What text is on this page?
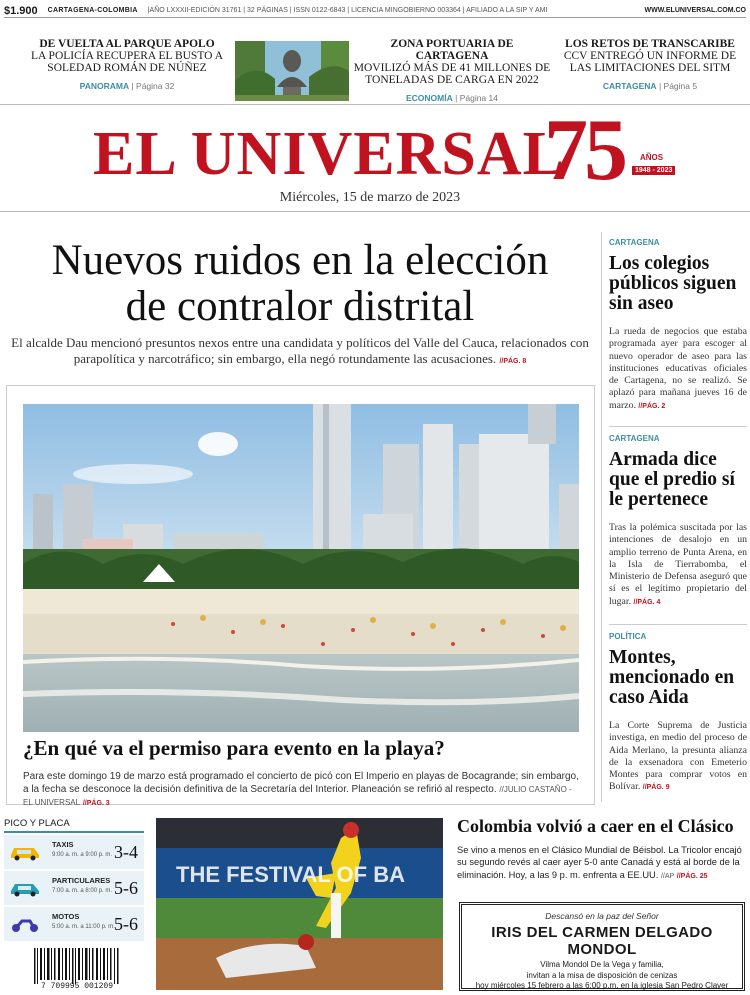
$1.900 CARTAGENA-COLOMBIA |AÑO LXXXII-EDICIÓN 31761 | 32 PÁGINAS | ISSN 0122-6843 | LICENCIA MINGOBIERNO 003364 | AFILIADO A LA SIP Y AMI	WWW.ELUNIVERSAL.COM.CO
DE VUELTA AL PARQUE APOLO
LA POLICÍA RECUPERA EL BUSTO A
SOLEDAD ROMÁN DE NÚÑEZ
PANORAMA | Página 32
ZONA PORTUARIA DE CARTAGENA
MOVILIZÓ MÁS DE 41 MILLONES DE
TONELADAS DE CARGA EN 2022
ECONOMÍA | Página 14
LOS RETOS DE TRANSCARIBE
CCV ENTREGÓ UN INFORME DE
LAS LIMITACIONES DEL SITM
CARTAGENA | Página 5
EL UNIVERSAL
75 AÑOS
1948 - 2023
Miércoles, 15 de marzo de 2023
Nuevos ruidos en la elección
de contralor distrital
El alcalde Dau mencionó presuntos nexos entre una candidata y políticos del Valle del Cauca, relacionados con parapolítica y narcotráfico; sin embargo, ella negó rotundamente las acusaciones. //PÁG. 8
¿En qué va el permiso para evento en la playa?
Para este domingo 19 de marzo está programado el concierto de picó con El Imperio en playas de Bocagrande; sin embargo, a la fecha se desconoce la decisión definitiva de la Secretaría del Interior. Planeación se refirió al respecto. //JULIO CASTAÑO - EL UNIVERSAL //PÁG. 3
CARTAGENA
Los colegios públicos siguen sin aseo
La rueda de negocios que estaba programada ayer para escoger al nuevo operador de aseo para las instituciones educativas oficiales de Cartagena, no se realizó. Se aplazó para mañana jueves 16 de marzo. //PÁG. 2
CARTAGENA
Armada dice que el predio sí le pertenece
Tras la polémica suscitada por las intenciones de desalojo en un amplio terreno de Punta Arena, en la Isla de Tierrabomba, el Ministerio de Defensa aseguró que sí es el legítimo propietario del lugar. //PÁG. 4
POLÍTICA
Montes, mencionado en caso Aida
La Corte Suprema de Justicia investiga, en medio del proceso de Aida Merlano, la presunta alianza de la exsenadora con Emeterio Montes para comprar votos en Bolívar. //PÁG. 9
PICO Y PLACA
TAXIS
9:00 a. m. a 9:00 p. m. 3-4
PARTICULARES
7:00 a. m. a 8:00 p. m. 5-6
MOTOS
5:00 a. m. a 11:00 p. m. 5-6
7 709995 001209
THE FESTIVAL OF BA
Colombia volvió a caer en el Clásico
Se vino a menos en el Clásico Mundial de Béisbol. La Tricolor encajó su segundo revés al caer ayer 5-0 ante Canadá y está al borde de la eliminación. Hoy, a las 9 p. m. enfrenta a EE.UU. //AP //PÁG. 25
Descansó en la paz del Señor
IRIS DEL CARMEN DELGADO MONDOL
Vilma Mondol De la Vega y familia,
invitan a la misa de disposición de cenizas
hoy miércoles 15 febrero a las 6:00 p.m. en la iglesia San Pedro Claver
